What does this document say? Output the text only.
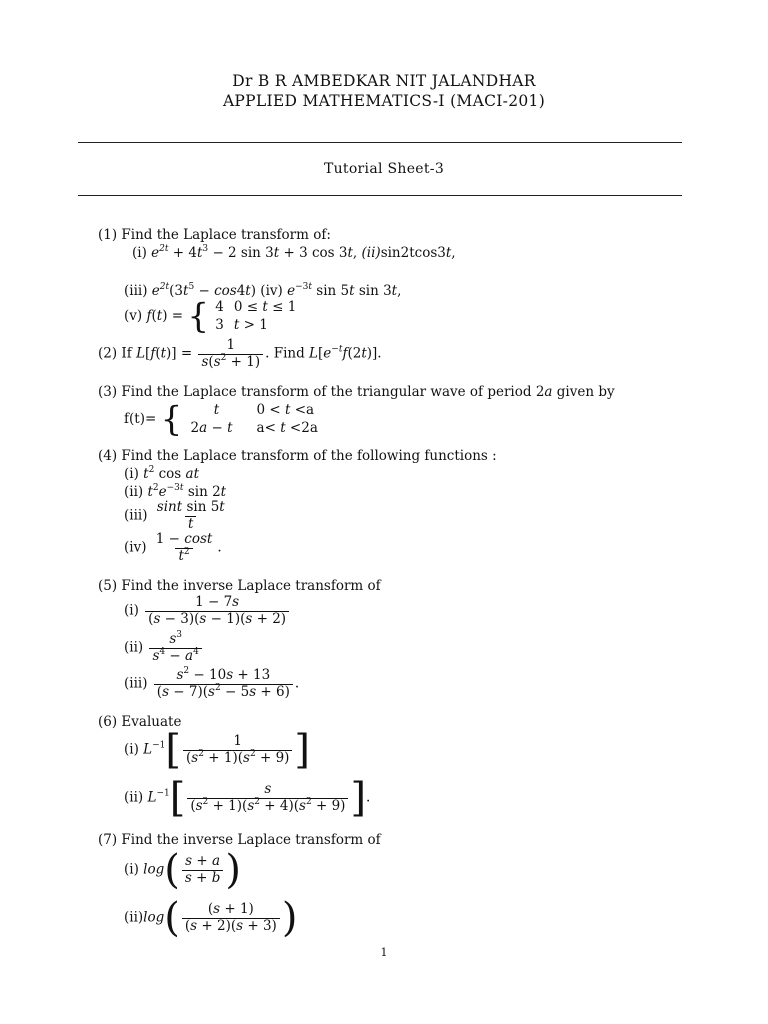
Dr B R AMBEDKAR NIT JALANDHAR
APPLIED MATHEMATICS-I (MACI-201)
Tutorial Sheet-3
(1) Find the Laplace transform of:
(i) $e^{2t} + 4t^3 - 2$ sin 3t + 3 cos 3t, (ii)sin2tcos3t,
(iii) $e^{2t}(3t^5 - \cos 4t)$ (iv) $e^{-3t}$ sin 5t sin 3t,
(v) f(t) = { 4	0 ≤ t ≤ 1
3	t > 1
(2) If $L[f(t)] = \frac{1}{s(s^2 + 1)}$ . Find $L[e^{-t}f(2t)]$.
(3) Find the Laplace transform of the triangular wave of period 2a given by
f(t)= { t	0 < t <a
2a − t	a< t <2a
(4) Find the Laplace transform of the following functions :
(i) $t^2$ cos at
(ii) $t^2e^{-3t}$ sin 2t
$(iii) \frac{\text{sint sin 5t}}{t}$
$(iv) \frac{1 - \cos t}{t^2}$ .
(5) Find the inverse Laplace transform of
$(i) \frac{1 - 7s}{(s - 3)(s - 1)(s + 2)}$
$(ii) \frac{s^3}{s^4 - a^4}$
$(iii) \frac{s^2 - 10s + 13}{(s - 7)(s^2 - 5s + 6)}$ .
(6) Evaluate
(i) $L^{-1}[ \frac{1}{(s^2 + 1)(s^2 + 9)}$ ]
(ii) $L^{-1}[ \frac{s}{(s^2 + 1)(s^2 + 4)(s^2 + 9)}$ ].
(7) Find the inverse Laplace transform of
(i) $\log( \frac{s + a}{s + b}$ )
$(ii)\log( \frac{(s + 1)}{(s + 2)(s + 3)}$ )
1
